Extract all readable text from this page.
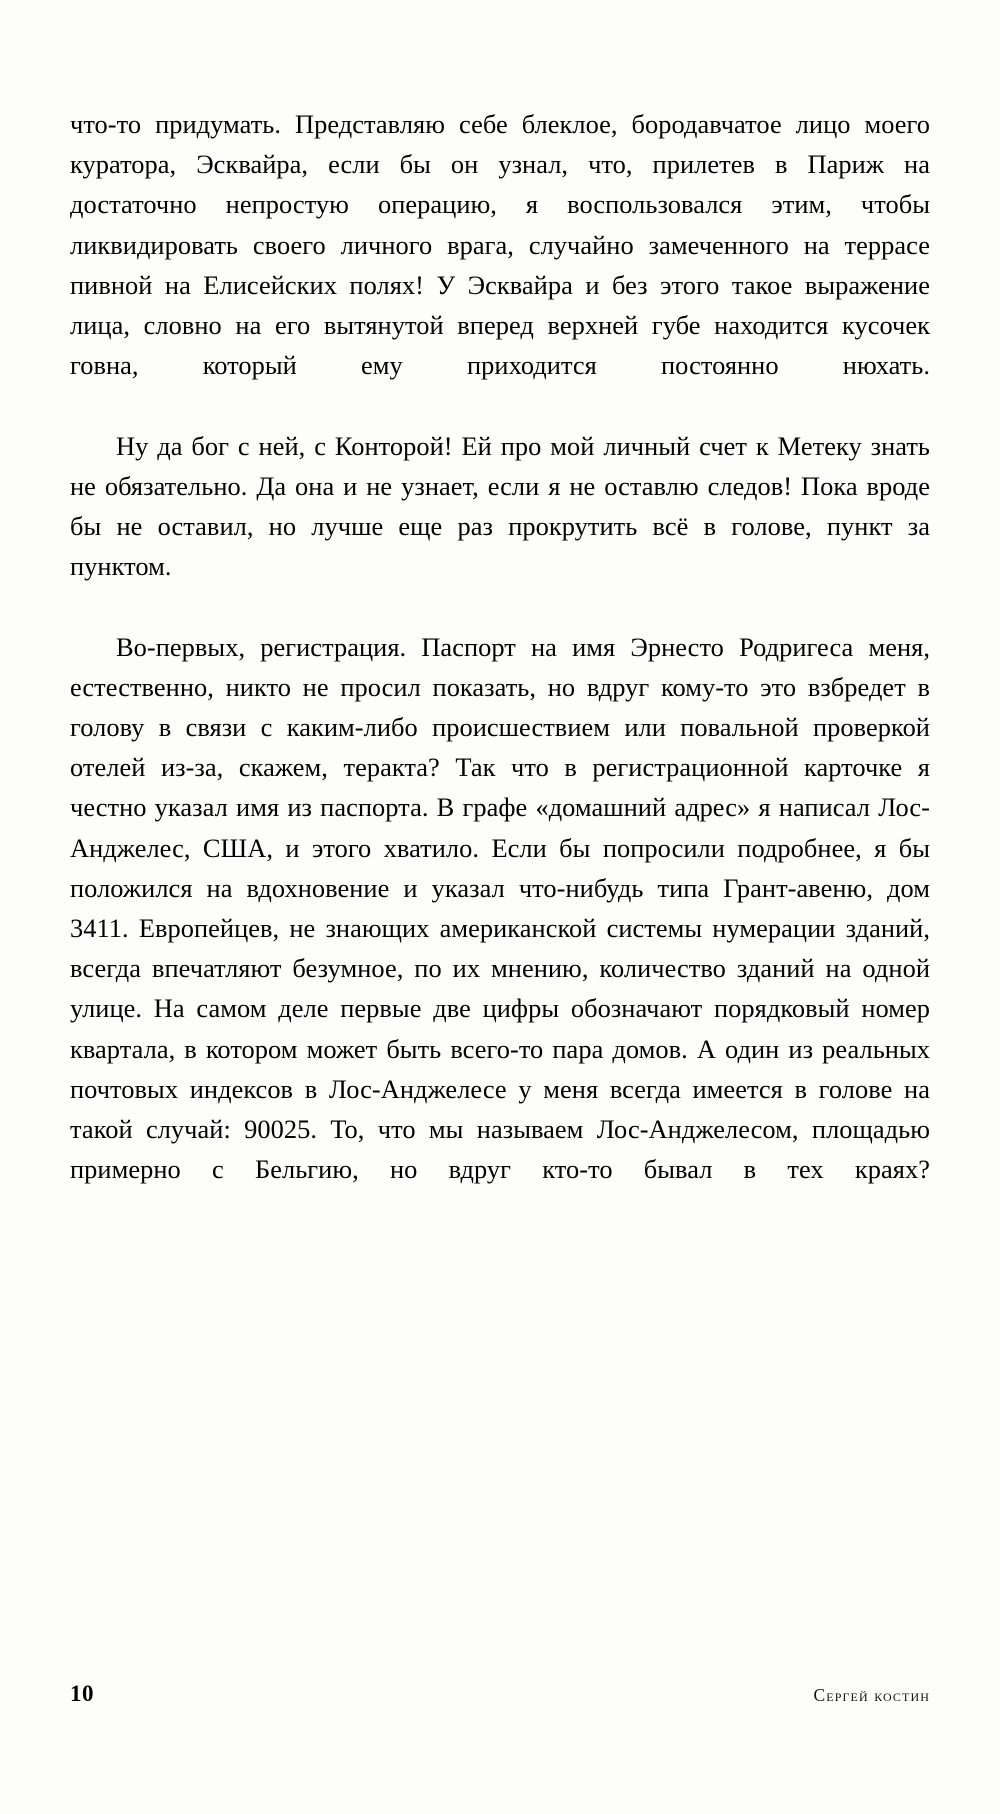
что-то придумать. Представляю себе блеклое, бородавчатое лицо моего куратора, Эсквайра, если бы он узнал, что, прилетев в Париж на достаточно непростую операцию, я воспользовался этим, чтобы ликвидировать своего личного врага, случайно замеченного на террасе пивной на Елисейских полях! У Эсквайра и без этого такое выражение лица, словно на его вытянутой вперед верхней губе находится кусочек говна, который ему приходится постоянно нюхать.

Ну да бог с ней, с Конторой! Ей про мой личный счет к Метеку знать не обязательно. Да она и не узнает, если я не оставлю следов! Пока вроде бы не оставил, но лучше еще раз прокрутить всё в голове, пункт за пунктом.

Во-первых, регистрация. Паспорт на имя Эрнесто Родригеса меня, естественно, никто не просил показать, но вдруг кому-то это взбредет в голову в связи с каким-либо происшествием или повальной проверкой отелей из-за, скажем, теракта? Так что в регистрационной карточке я честно указал имя из паспорта. В графе «домашний адрес» я написал Лос-Анджелес, США, и этого хватило. Если бы попросили подробнее, я бы положился на вдохновение и указал что-нибудь типа Грант-авеню, дом 3411. Европейцев, не знающих американской системы нумерации зданий, всегда впечатляют безумное, по их мнению, количество зданий на одной улице. На самом деле первые две цифры обозначают порядковый номер квартала, в котором может быть всего-то пара домов. А один из реальных почтовых индексов в Лос-Анджелесе у меня всегда имеется в голове на такой случай: 90025. То, что мы называем Лос-Анджелесом, площадью примерно с Бельгию, но вдруг кто-то бывал в тех краях?

10	сергей костин
